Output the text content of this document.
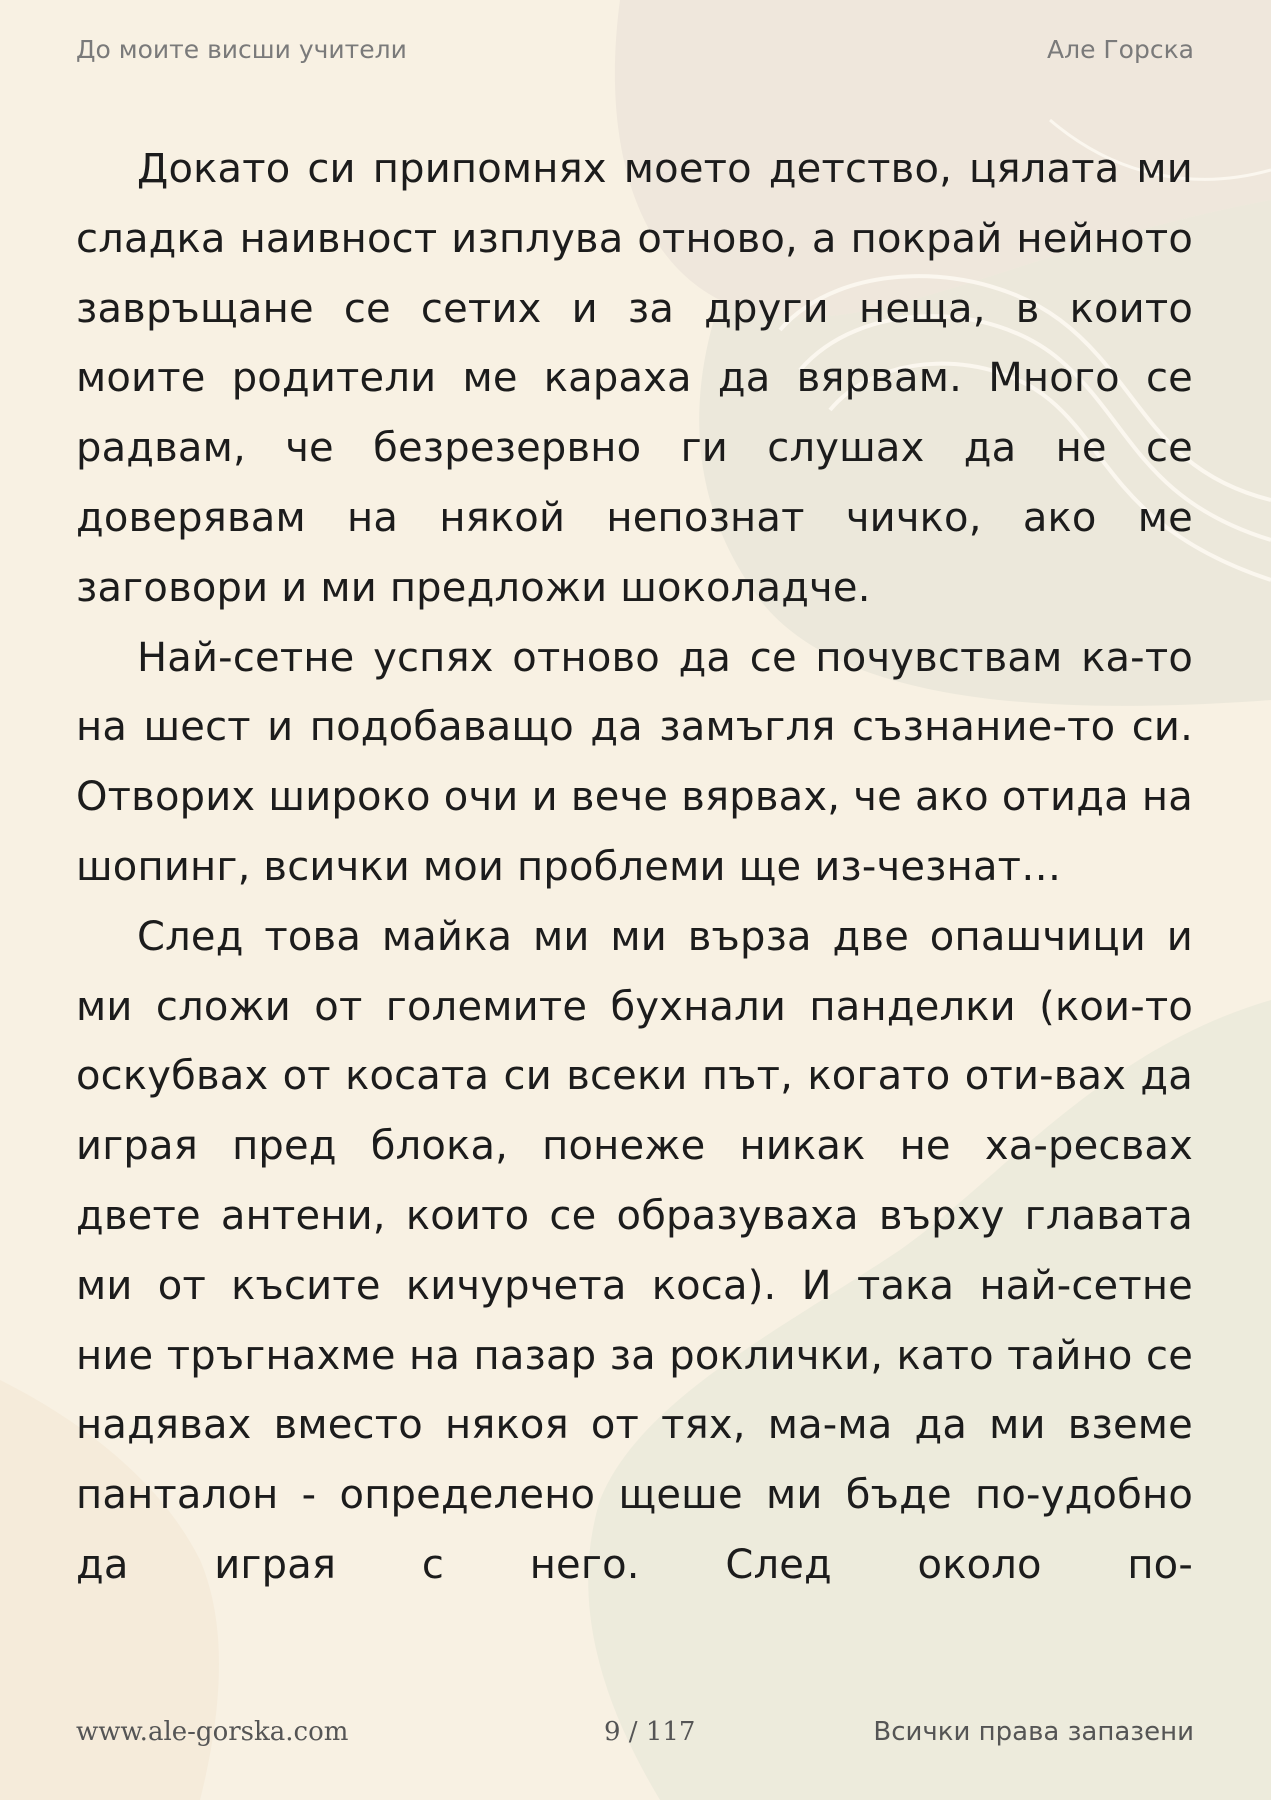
До моите висши учители	Але Горска

Докато си припомнях моето детство, цялата ми сладка наивност изплува отново, а покрай нейното завръщане се сетих и за други неща, в които моите родители ме караха да вярвам. Много се радвам, че безрезервно ги слушах да не се доверявам на някой непознат чичко, ако ме заговори и ми предложи шоколадче.

Най-сетне успях отново да се почувствам ка-то на шест и подобаващо да замъгля съзнание-то си. Отворих широко очи и вече вярвах, че ако отида на шопинг, всички мои проблеми ще из-чезнат…

След това майка ми ми върза две опашчици и ми сложи от големите бухнали панделки (кои-то оскубвах от косата си всеки път, когато оти-вах да играя пред блока, понеже никак не ха-ресвах двете антени, които се образуваха върху главата ми от късите кичурчета коса). И така най-сетне ние тръгнахме на пазар за роклички, като тайно се надявах вместо някоя от тях, ма-ма да ми вземе панталон - определено щеше ми бъде по-удобно да играя с него. След около по-

www.ale-gorska.com	9 / 117	Всички права запазени
